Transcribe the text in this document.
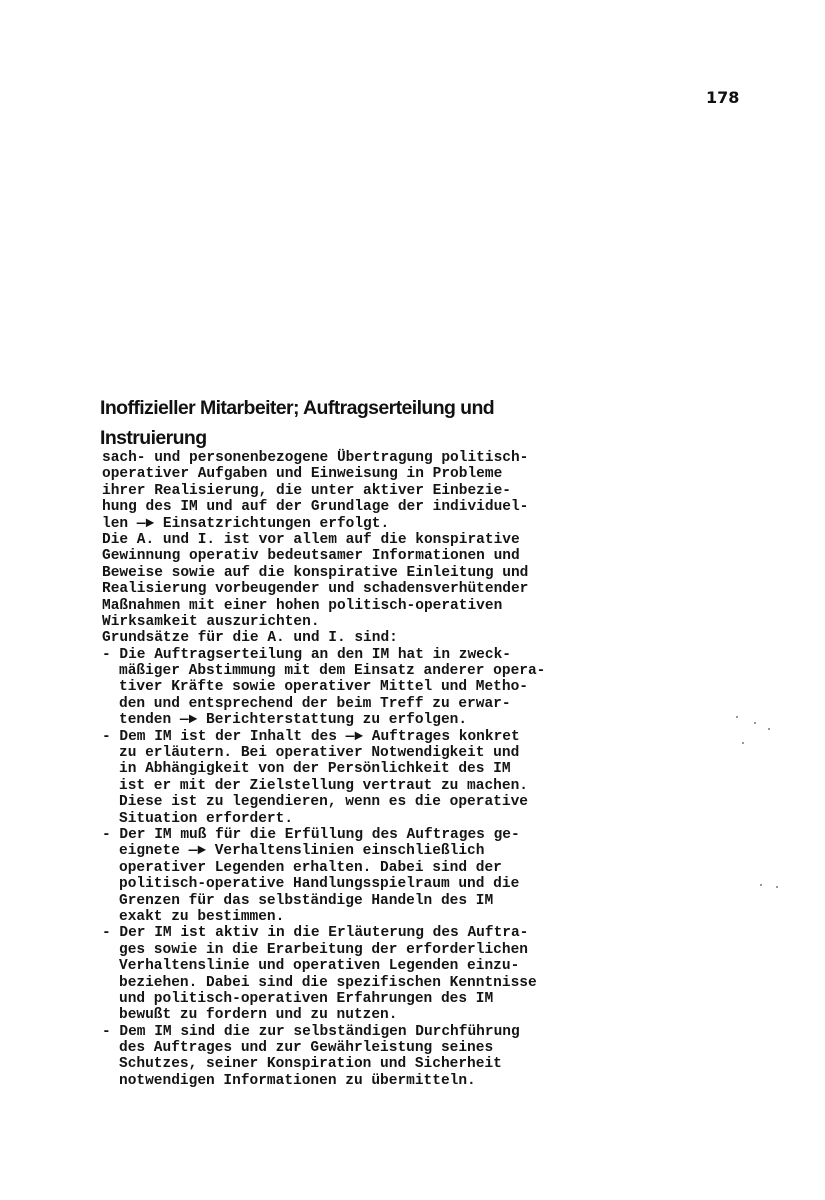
178
Inoffizieller Mitarbeiter; Auftragserteilung und
Instruierung
sach- und personenbezogene Übertragung politisch-
operativer Aufgaben und Einweisung in Probleme
ihrer Realisierung, die unter aktiver Einbezie-
hung des IM und auf der Grundlage der individuel-
len —► Einsatzrichtungen erfolgt.
Die A. und I. ist vor allem auf die konspirative
Gewinnung operativ bedeutsamer Informationen und
Beweise sowie auf die konspirative Einleitung und
Realisierung vorbeugender und schadensverhütender
Maßnahmen mit einer hohen politisch-operativen
Wirksamkeit auszurichten.
Grundsätze für die A. und I. sind:
- Die Auftragserteilung an den IM hat in zweck-
mäßiger Abstimmung mit dem Einsatz anderer opera-
tiver Kräfte sowie operativer Mittel und Metho-
den und entsprechend der beim Treff zu erwar-
tenden —► Berichterstattung zu erfolgen.
- Dem IM ist der Inhalt des —► Auftrages konkret
zu erläutern. Bei operativer Notwendigkeit und
in Abhängigkeit von der Persönlichkeit des IM
ist er mit der Zielstellung vertraut zu machen.
Diese ist zu legendieren, wenn es die operative
Situation erfordert.
- Der IM muß für die Erfüllung des Auftrages ge-
eignete —► Verhaltenslinien einschließlich
operativer Legenden erhalten. Dabei sind der
politisch-operative Handlungsspielraum und die
Grenzen für das selbständige Handeln des IM
exakt zu bestimmen.
- Der IM ist aktiv in die Erläuterung des Auftra-
ges sowie in die Erarbeitung der erforderlichen
Verhaltenslinie und operativen Legenden einzu-
beziehen. Dabei sind die spezifischen Kenntnisse
und politisch-operativen Erfahrungen des IM
bewußt zu fordern und zu nutzen.
- Dem IM sind die zur selbständigen Durchführung
des Auftrages und zur Gewährleistung seines
Schutzes, seiner Konspiration und Sicherheit
notwendigen Informationen zu übermitteln.
